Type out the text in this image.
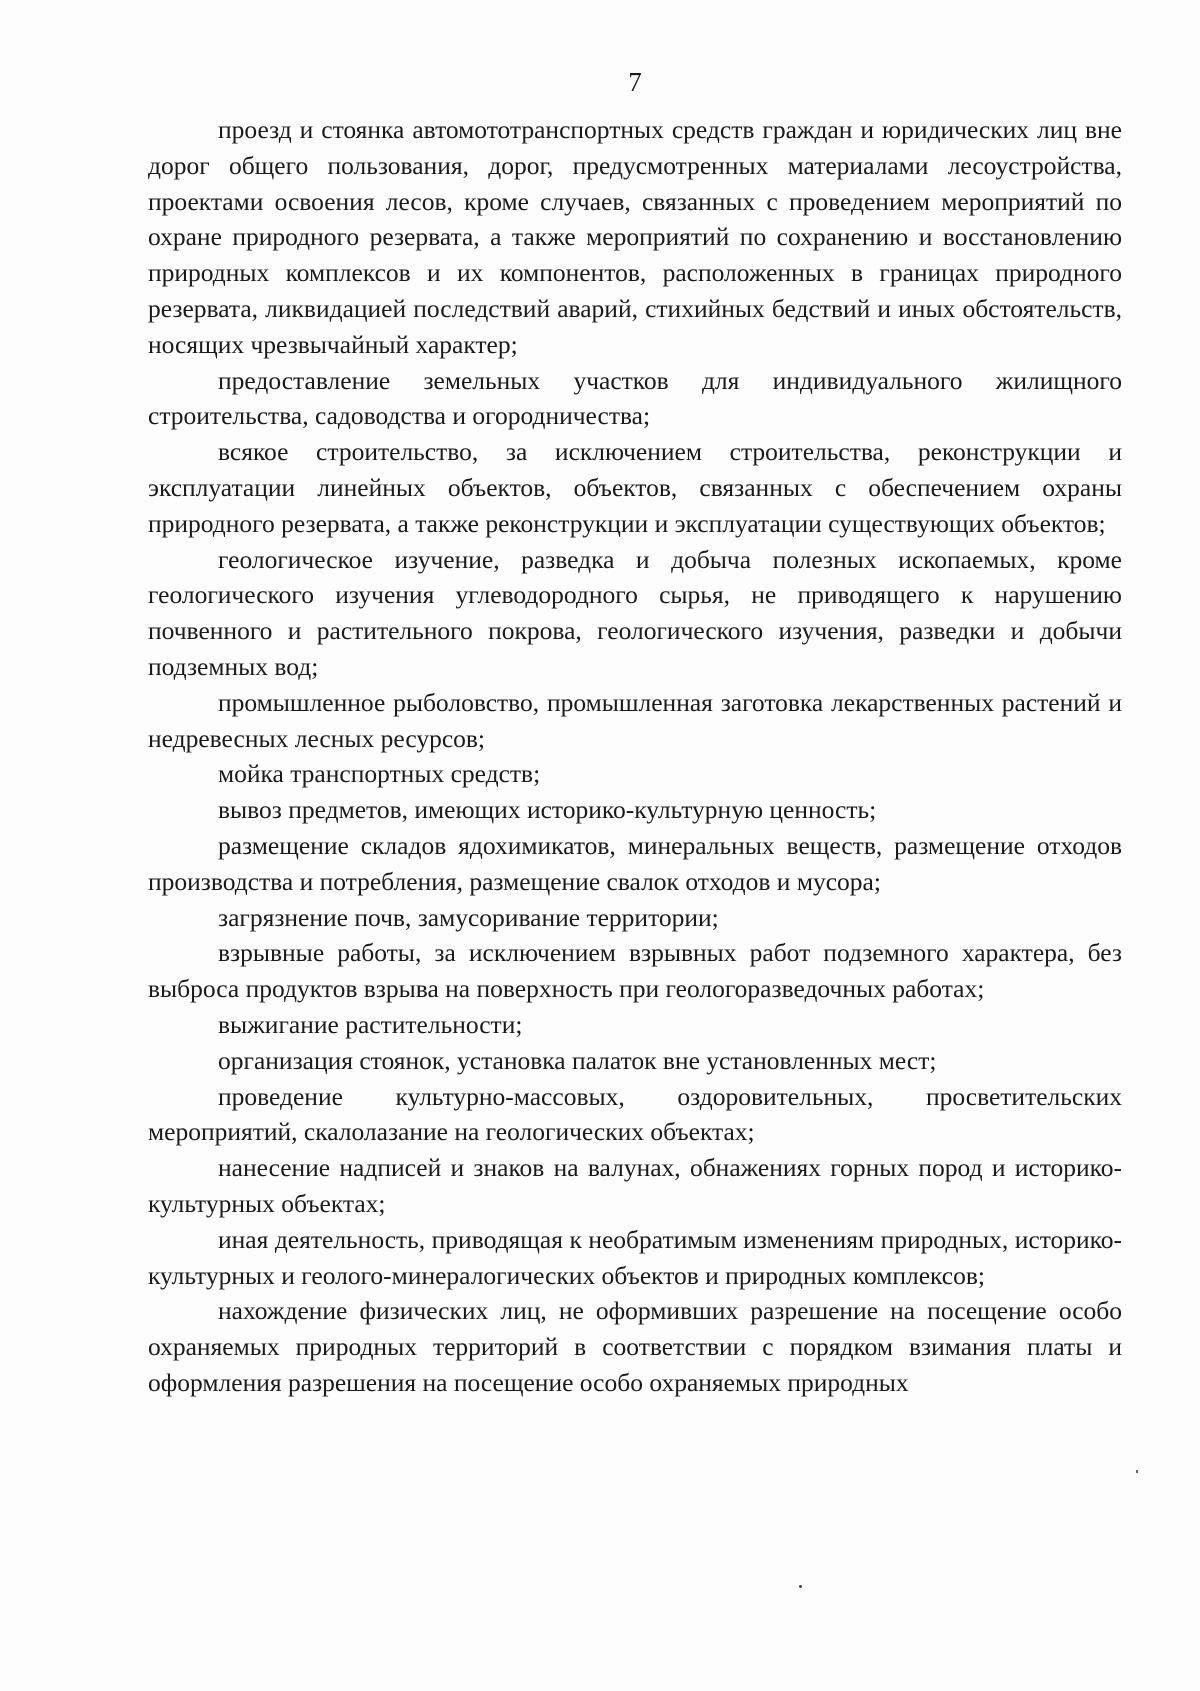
7

проезд и стоянка автомототранспортных средств граждан и юридических лиц вне дорог общего пользования, дорог, предусмотренных материалами лесоустройства, проектами освоения лесов, кроме случаев, связанных с проведением мероприятий по охране природного резервата, а также мероприятий по сохранению и восстановлению природных комплексов и их компонентов, расположенных в границах природного резервата, ликвидацией последствий аварий, стихийных бедствий и иных обстоятельств, носящих чрезвычайный характер;

предоставление земельных участков для индивидуального жилищного строительства, садоводства и огородничества;

всякое строительство, за исключением строительства, реконструкции и эксплуатации линейных объектов, объектов, связанных с обеспечением охраны природного резервата, а также реконструкции и эксплуатации существующих объектов;

геологическое изучение, разведка и добыча полезных ископаемых, кроме геологического изучения углеводородного сырья, не приводящего к нарушению почвенного и растительного покрова, геологического изучения, разведки и добычи подземных вод;

промышленное рыболовство, промышленная заготовка лекарственных растений и недревесных лесных ресурсов;

мойка транспортных средств;

вывоз предметов, имеющих историко-культурную ценность;

размещение складов ядохимикатов, минеральных веществ, размещение отходов производства и потребления, размещение свалок отходов и мусора;

загрязнение почв, замусоривание территории;

взрывные работы, за исключением взрывных работ подземного характера, без выброса продуктов взрыва на поверхность при геологоразведочных работах;

выжигание растительности;

организация стоянок, установка палаток вне установленных мест;

проведение культурно-массовых, оздоровительных, просветительских мероприятий, скалолазание на геологических объектах;

нанесение надписей и знаков на валунах, обнажениях горных пород и историко-культурных объектах;

иная деятельность, приводящая к необратимым изменениям природных, историко-культурных и геолого-минералогических объектов и природных комплексов;

нахождение физических лиц, не оформивших разрешение на посещение особо охраняемых природных территорий в соответствии с порядком взимания платы и оформления разрешения на посещение особо охраняемых природных
